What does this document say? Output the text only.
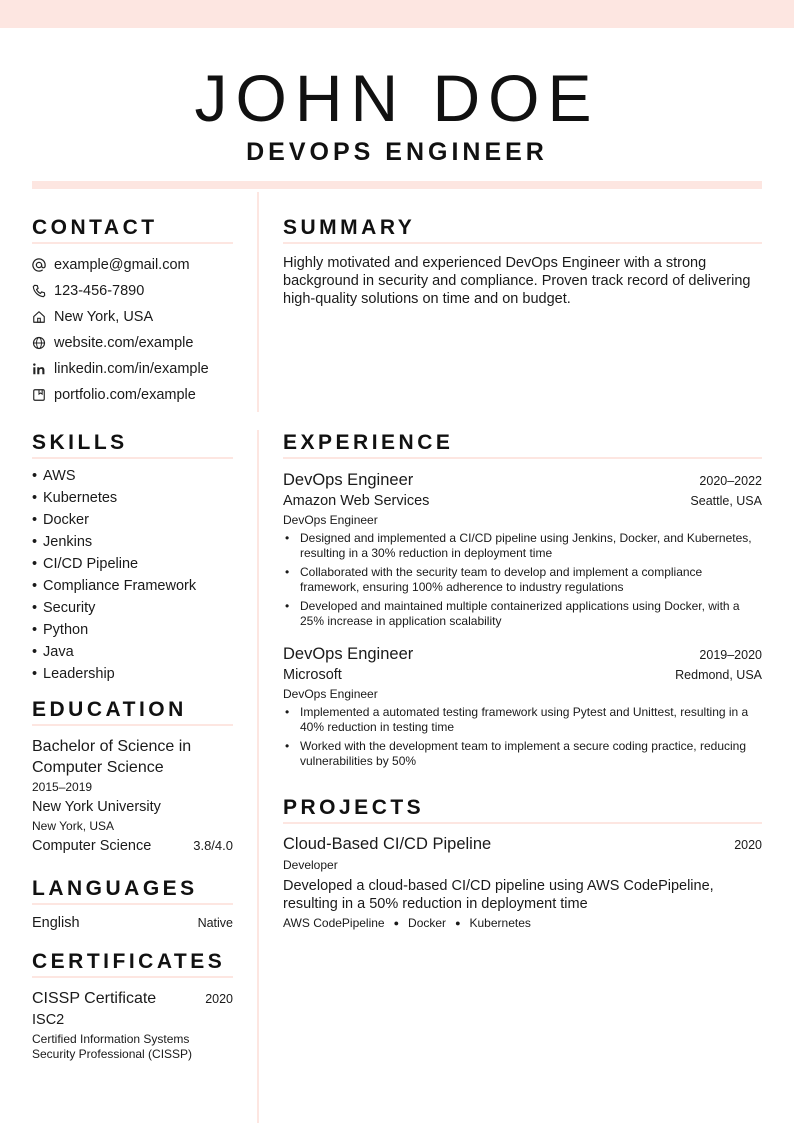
JOHN DOE
DEVOPS ENGINEER
CONTACT
example@gmail.com
123-456-7890
New York, USA
website.com/example
linkedin.com/in/example
portfolio.com/example
SUMMARY

Highly motivated and experienced DevOps Engineer with a strong background in security and compliance. Proven track record of delivering high-quality solutions on time and on budget.

SKILLS
• AWS
• Kubernetes
• Docker
• Jenkins
• CI/CD Pipeline
• Compliance Framework
• Security
• Python
• Java
• Leadership
EDUCATION
Bachelor of Science in Computer Science
2015–2019
New York University
New York, USA
Computer Science	3.8/4.0
LANGUAGES
English	Native
CERTIFICATES
CISSP Certificate	2020
ISC2
Certified Information Systems Security Professional (CISSP)
EXPERIENCE
DevOps Engineer	2020–2022
Amazon Web Services	Seattle, USA
DevOps Engineer
• Designed and implemented a CI/CD pipeline using Jenkins, Docker, and Kubernetes, resulting in a 30% reduction in deployment time
• Collaborated with the security team to develop and implement a compliance framework, ensuring 100% adherence to industry regulations
• Developed and maintained multiple containerized applications using Docker, with a 25% increase in application scalability
DevOps Engineer	2019–2020
Microsoft	Redmond, USA
DevOps Engineer
• Implemented a automated testing framework using Pytest and Unittest, resulting in a 40% reduction in testing time
• Worked with the development team to implement a secure coding practice, reducing vulnerabilities by 50%
PROJECTS
Cloud-Based CI/CD Pipeline	2020
Developer

Developed a cloud-based CI/CD pipeline using AWS CodePipeline, resulting in a 50% reduction in deployment time

AWS CodePipeline ● Docker ● Kubernetes
